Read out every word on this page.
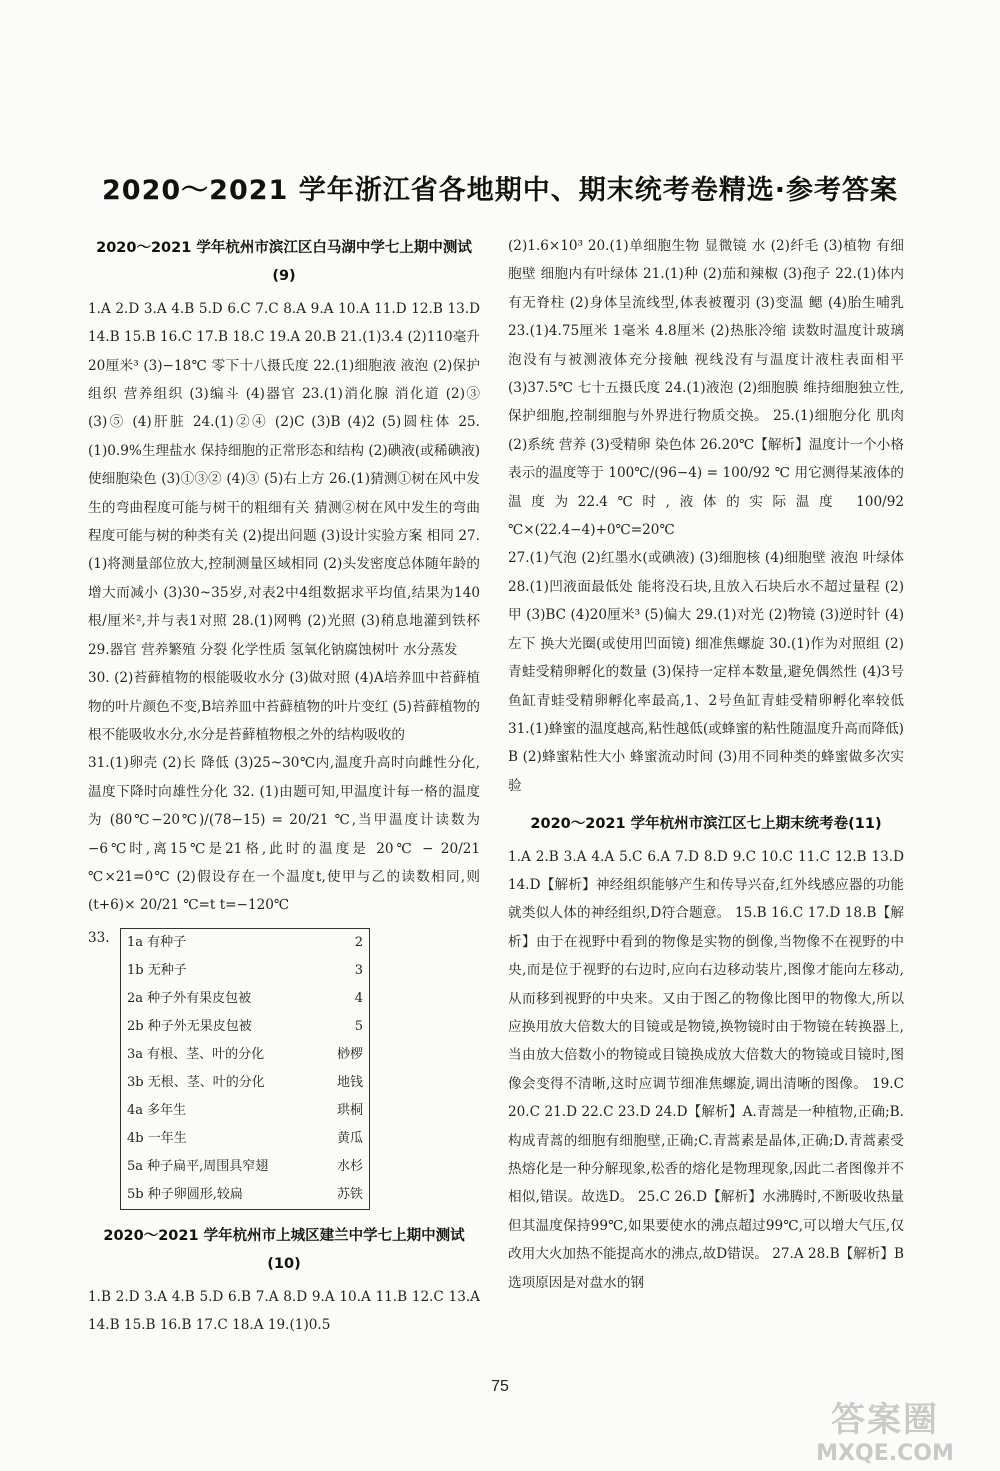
2020～2021 学年浙江省各地期中、期末统考卷精选·参考答案
2020～2021 学年杭州市滨江区白马湖中学七上期中测试(9)

1.A 2.D 3.A 4.B 5.D 6.C 7.C 8.A 9.A 10.A 11.D 12.B 13.D 14.B 15.B 16.C 17.B 18.C 19.A 20.B 21.(1)3.4 (2)110毫升 20厘米³ (3)−18℃ 零下十八摄氏度 22.(1)细胞液 液泡 (2)保护组织 营养组织 (3)编斗 (4)器官 23.(1)消化腺 消化道 (2)③ (3)⑤ (4)肝脏 24.(1)②④ (2)C (3)B (4)2 (5)圆柱体 25.(1)0.9%生理盐水 保持细胞的正常形态和结构 (2)碘液(或稀碘液) 使细胞染色 (3)①③② (4)③ (5)右上方 26.(1)猜测①树在风中发生的弯曲程度可能与树干的粗细有关 猜测②树在风中发生的弯曲程度可能与树的种类有关 (2)提出问题 (3)设计实验方案 相同 27.(1)将测量部位放大,控制测量区域相同 (2)头发密度总体随年龄的增大而减小 (3)30~35岁,对表2中4组数据求平均值,结果为140根/厘米²,并与表1对照 28.(1)网鸭 (2)光照 (3)稍息地灌到铁杯 29.器官 营养繁殖 分裂 化学性质 氢氧化钠腐蚀树叶 水分蒸发

30. (2)苔藓植物的根能吸收水分 (3)做对照 (4)A培养皿中苔藓植物的叶片颜色不变,B培养皿中苔藓植物的叶片变红 (5)苔藓植物的根不能吸收水分,水分是苔藓植物根之外的结构吸收的

31.(1)卵壳 (2)长 降低 (3)25~30℃内,温度升高时向雌性分化,温度下降时向雄性分化 32. (1)由题可知,甲温度计每一格的温度为 (80℃−20℃)/(78−15) = 20/21 ℃,当甲温度计读数为−6℃时,离15℃是21格,此时的温度是 20℃ − 20/21 ℃×21=0℃ (2)假设存在一个温度t,使甲与乙的读数相同,则(t+6)× 20/21 ℃=t t=−120℃

33. 1a 有种子	2
1b 无种子	3
2a 种子外有果皮包被	4
2b 种子外无果皮包被	5
3a 有根、茎、叶的分化	桫椤
3b 无根、茎、叶的分化	地钱
4a 多年生	珙桐
4b 一年生	黄瓜
5a 种子扁平,周围具窄翅	水杉
5b 种子卵圆形,较扁	苏铁
2020～2021 学年杭州市上城区建兰中学七上期中测试(10)

1.B 2.D 3.A 4.B 5.D 6.B 7.A 8.D 9.A 10.A 11.B 12.C 13.A 14.B 15.B 16.B 17.C 18.A 19.(1)0.5

(2)1.6×10³ 20.(1)单细胞生物 显微镜 水 (2)纤毛 (3)植物 有细胞壁 细胞内有叶绿体 21.(1)种 (2)茄和辣椒 (3)孢子 22.(1)体内有无脊柱 (2)身体呈流线型,体表被覆羽 (3)变温 鳃 (4)胎生哺乳 23.(1)4.75厘米 1毫米 4.8厘米 (2)热胀冷缩 读数时温度计玻璃泡没有与被测液体充分接触 视线没有与温度计液柱表面相平 (3)37.5℃ 七十五摄氏度 24.(1)液泡 (2)细胞膜 维持细胞独立性,保护细胞,控制细胞与外界进行物质交换。 25.(1)细胞分化 肌肉 (2)系统 营养 (3)受精卵 染色体 26.20℃【解析】温度计一个小格表示的温度等于 100℃/(96−4) = 100/92 ℃ 用它测得某液体的温度为22.4℃时,液体的实际温度 100/92 ℃×(22.4−4)+0℃=20℃

27.(1)气泡 (2)红墨水(或碘液) (3)细胞核 (4)细胞壁 液泡 叶绿体 28.(1)凹液面最低处 能将没石块,且放入石块后水不超过量程 (2)甲 (3)BC (4)20厘米³ (5)偏大 29.(1)对光 (2)物镜 (3)逆时针 (4)左下 换大光圈(或使用凹面镜) 细准焦螺旋 30.(1)作为对照组 (2)青蛙受精卵孵化的数量 (3)保持一定样本数量,避免偶然性 (4)3号鱼缸青蛙受精卵孵化率最高,1、2号鱼缸青蛙受精卵孵化率较低 31.(1)蜂蜜的温度越高,粘性越低(或蜂蜜的粘性随温度升高而降低) B (2)蜂蜜粘性大小 蜂蜜流动时间 (3)用不同种类的蜂蜜做多次实验

2020～2021 学年杭州市滨江区七上期末统考卷(11)

1.A 2.B 3.A 4.A 5.C 6.A 7.D 8.D 9.C 10.C 11.C 12.B 13.D 14.D【解析】神经组织能够产生和传导兴奋,红外线感应器的功能就类似人体的神经组织,D符合题意。 15.B 16.C 17.D 18.B【解析】由于在视野中看到的物像是实物的倒像,当物像不在视野的中央,而是位于视野的右边时,应向右边移动装片,图像才能向左移动,从而移到视野的中央来。又由于图乙的物像比图甲的物像大,所以应换用放大倍数大的目镜或是物镜,换物镜时由于物镜在转换器上,当由放大倍数小的物镜或目镜换成放大倍数大的物镜或目镜时,图像会变得不清晰,这时应调节细准焦螺旋,调出清晰的图像。 19.C 20.C 21.D 22.C 23.D 24.D【解析】A.青蒿是一种植物,正确;B.构成青蒿的细胞有细胞壁,正确;C.青蒿素是晶体,正确;D.青蒿素受热熔化是一种分解现象,松香的熔化是物理现象,因此二者图像并不相似,错误。故选D。 25.C 26.D【解析】水沸腾时,不断吸收热量但其温度保持99℃,如果要使水的沸点超过99℃,可以增大气压,仅改用大火加热不能提高水的沸点,故D错误。 27.A 28.B【解析】B选项原因是对盘水的钢

75
答案圈
MXQE.COM
